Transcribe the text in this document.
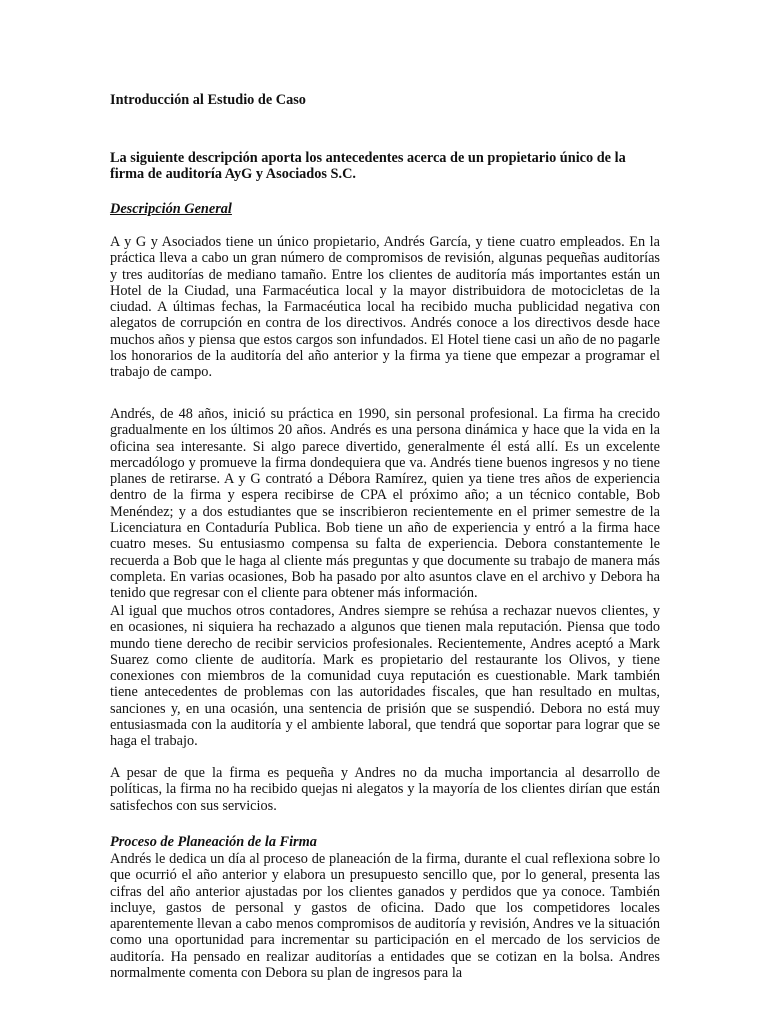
Introducción al Estudio de Caso

La siguiente descripción aporta los antecedentes acerca de un propietario único de la firma de auditoría AyG y Asociados S.C.

Descripción General

A y G y Asociados tiene un único propietario, Andrés García, y tiene cuatro empleados. En la práctica lleva a cabo un gran número de compromisos de revisión, algunas pequeñas auditorías y tres auditorías de mediano tamaño. Entre los clientes de auditoría más importantes están un Hotel de la Ciudad, una Farmacéutica local y la mayor distribuidora de motocicletas de la ciudad. A últimas fechas, la Farmacéutica local ha recibido mucha publicidad negativa con alegatos de corrupción en contra de los directivos. Andrés conoce a los directivos desde hace muchos años y piensa que estos cargos son infundados. El Hotel tiene casi un año de no pagarle los honorarios de la auditoría del año anterior y la firma ya tiene que empezar a programar el trabajo de campo.

Andrés, de 48 años, inició su práctica en 1990, sin personal profesional. La firma ha crecido gradualmente en los últimos 20 años. Andrés es una persona dinámica y hace que la vida en la oficina sea interesante. Si algo parece divertido, generalmente él está allí. Es un excelente mercadólogo y promueve la firma dondequiera que va. Andrés tiene buenos ingresos y no tiene planes de retirarse. A y G contrató a Débora Ramírez, quien ya tiene tres años de experiencia dentro de la firma y espera recibirse de CPA el próximo año; a un técnico contable, Bob Menéndez; y a dos estudiantes que se inscribieron recientemente en el primer semestre de la Licenciatura en Contaduría Publica. Bob tiene un año de experiencia y entró a la firma hace cuatro meses. Su entusiasmo compensa su falta de experiencia. Debora constantemente le recuerda a Bob que le haga al cliente más preguntas y que documente su trabajo de manera más completa. En varias ocasiones, Bob ha pasado por alto asuntos clave en el archivo y Debora ha tenido que regresar con el cliente para obtener más información.

Al igual que muchos otros contadores, Andres siempre se rehúsa a rechazar nuevos clientes, y en ocasiones, ni siquiera ha rechazado a algunos que tienen mala reputación. Piensa que todo mundo tiene derecho de recibir servicios profesionales. Recientemente, Andres aceptó a Mark Suarez como cliente de auditoría. Mark es propietario del restaurante los Olivos, y tiene conexiones con miembros de la comunidad cuya reputación es cuestionable. Mark también tiene antecedentes de problemas con las autoridades fiscales, que han resultado en multas, sanciones y, en una ocasión, una sentencia de prisión que se suspendió. Debora no está muy entusiasmada con la auditoría y el ambiente laboral, que tendrá que soportar para lograr que se haga el trabajo.

A pesar de que la firma es pequeña y Andres no da mucha importancia al desarrollo de políticas, la firma no ha recibido quejas ni alegatos y la mayoría de los clientes dirían que están satisfechos con sus servicios.

Proceso de Planeación de la Firma

Andrés le dedica un día al proceso de planeación de la firma, durante el cual reflexiona sobre lo que ocurrió el año anterior y elabora un presupuesto sencillo que, por lo general, presenta las cifras del año anterior ajustadas por los clientes ganados y perdidos que ya conoce. También incluye, gastos de personal y gastos de oficina. Dado que los competidores locales aparentemente llevan a cabo menos compromisos de auditoría y revisión, Andres ve la situación como una oportunidad para incrementar su participación en el mercado de los servicios de auditoría. Ha pensado en realizar auditorías a entidades que se cotizan en la bolsa. Andres normalmente comenta con Debora su plan de ingresos para la
